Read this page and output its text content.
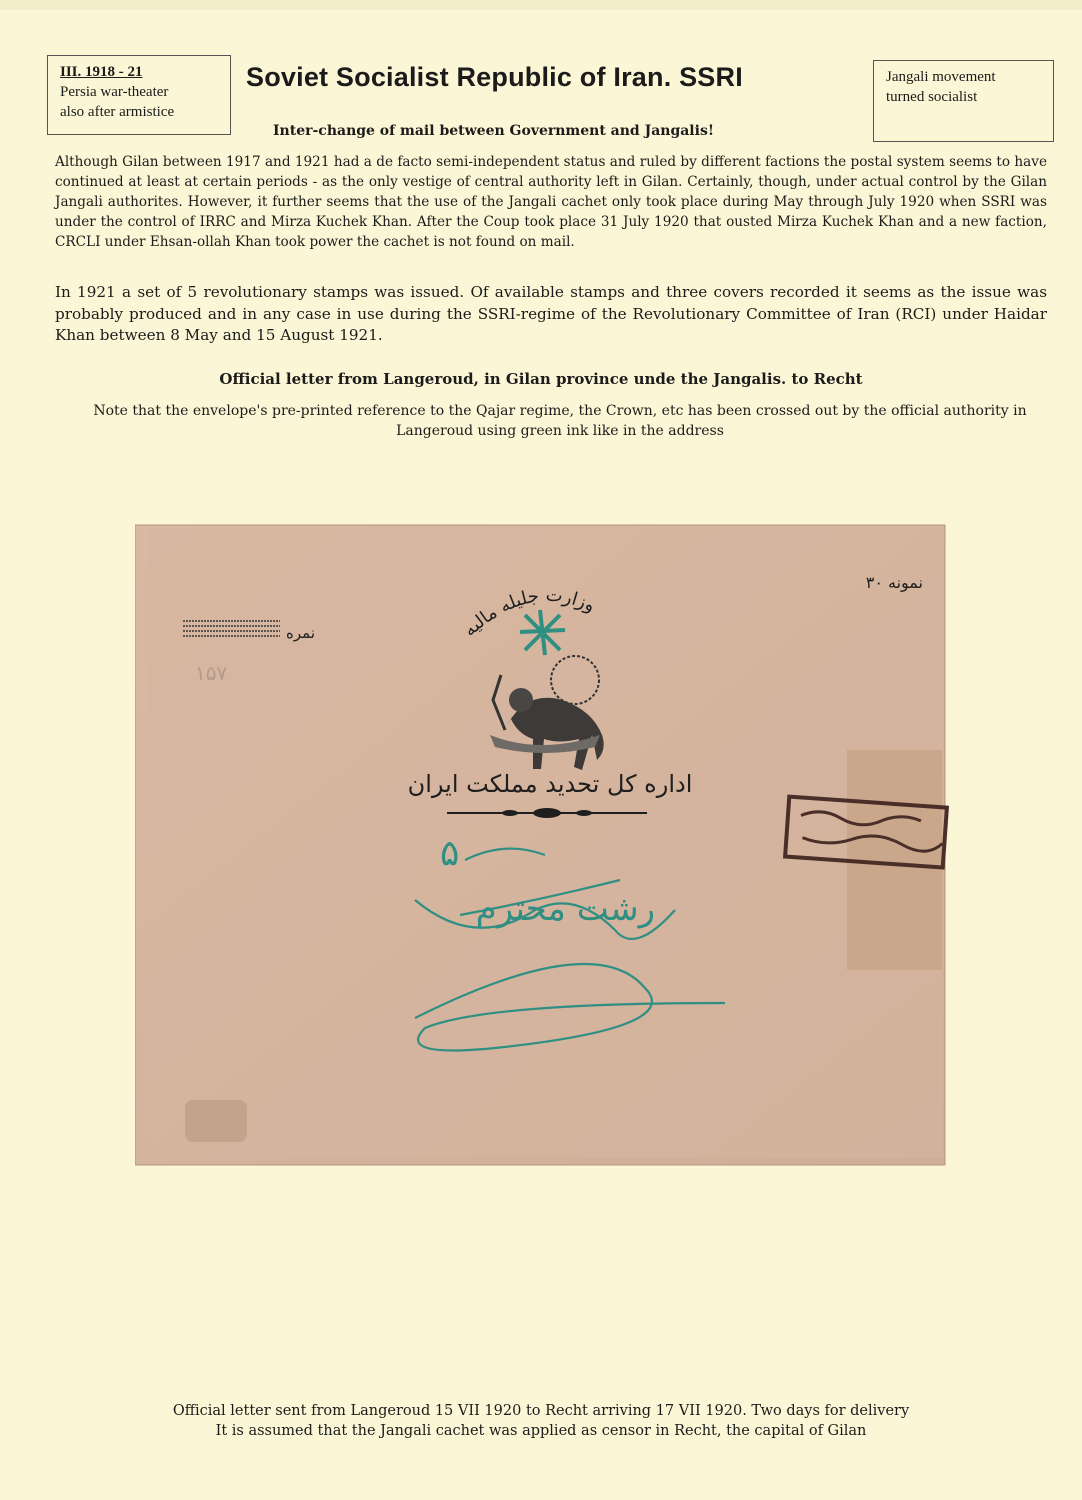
III. 1918 - 21
Persia war-theater
also after armistice
Soviet Socialist Republic of Iran. SSRI	Jangali movement
turned socialist
Inter-change of mail between Government and Jangalis!
Although Gilan between 1917 and 1921 had a de facto semi-independent status and ruled by different factions the postal system seems to have continued at least at certain periods - as the only vestige of central authority left in Gilan. Certainly, though, under actual control by the Gilan Jangali authorites. However, it further seems that the use of the Jangali cachet only took place during May through July 1920 when SSRI was under the control of IRRC and Mirza Kuchek Khan. After the Coup took place 31 July 1920 that ousted Mirza Kuchek Khan and a new faction, CRCLI under Ehsan-ollah Khan took power the cachet is not found on mail.
In 1921 a set of 5 revolutionary stamps was issued. Of available stamps and three covers recorded it seems as the issue was probably produced and in any case in use during the SSRI-regime of the Revolutionary Committee of Iran (RCI) under Haidar Khan between 8 May and 15 August 1921.
Official letter from Langeroud, in Gilan province unde the Jangalis. to Recht
Note that the envelope's pre-printed reference to the Qajar regime, the Crown, etc has been crossed out by the official authority in Langeroud using green ink like in the address
نمونه ۳۰
نمره
۱۵۷
وزارت جلیله مالیه
اداره کل تحدید مملکت ایران
۵
رشت محترم
Official letter sent from Langeroud 15 VII 1920 to Recht arriving 17 VII 1920. Two days for delivery
It is assumed that the Jangali cachet was applied as censor in Recht, the capital of Gilan
